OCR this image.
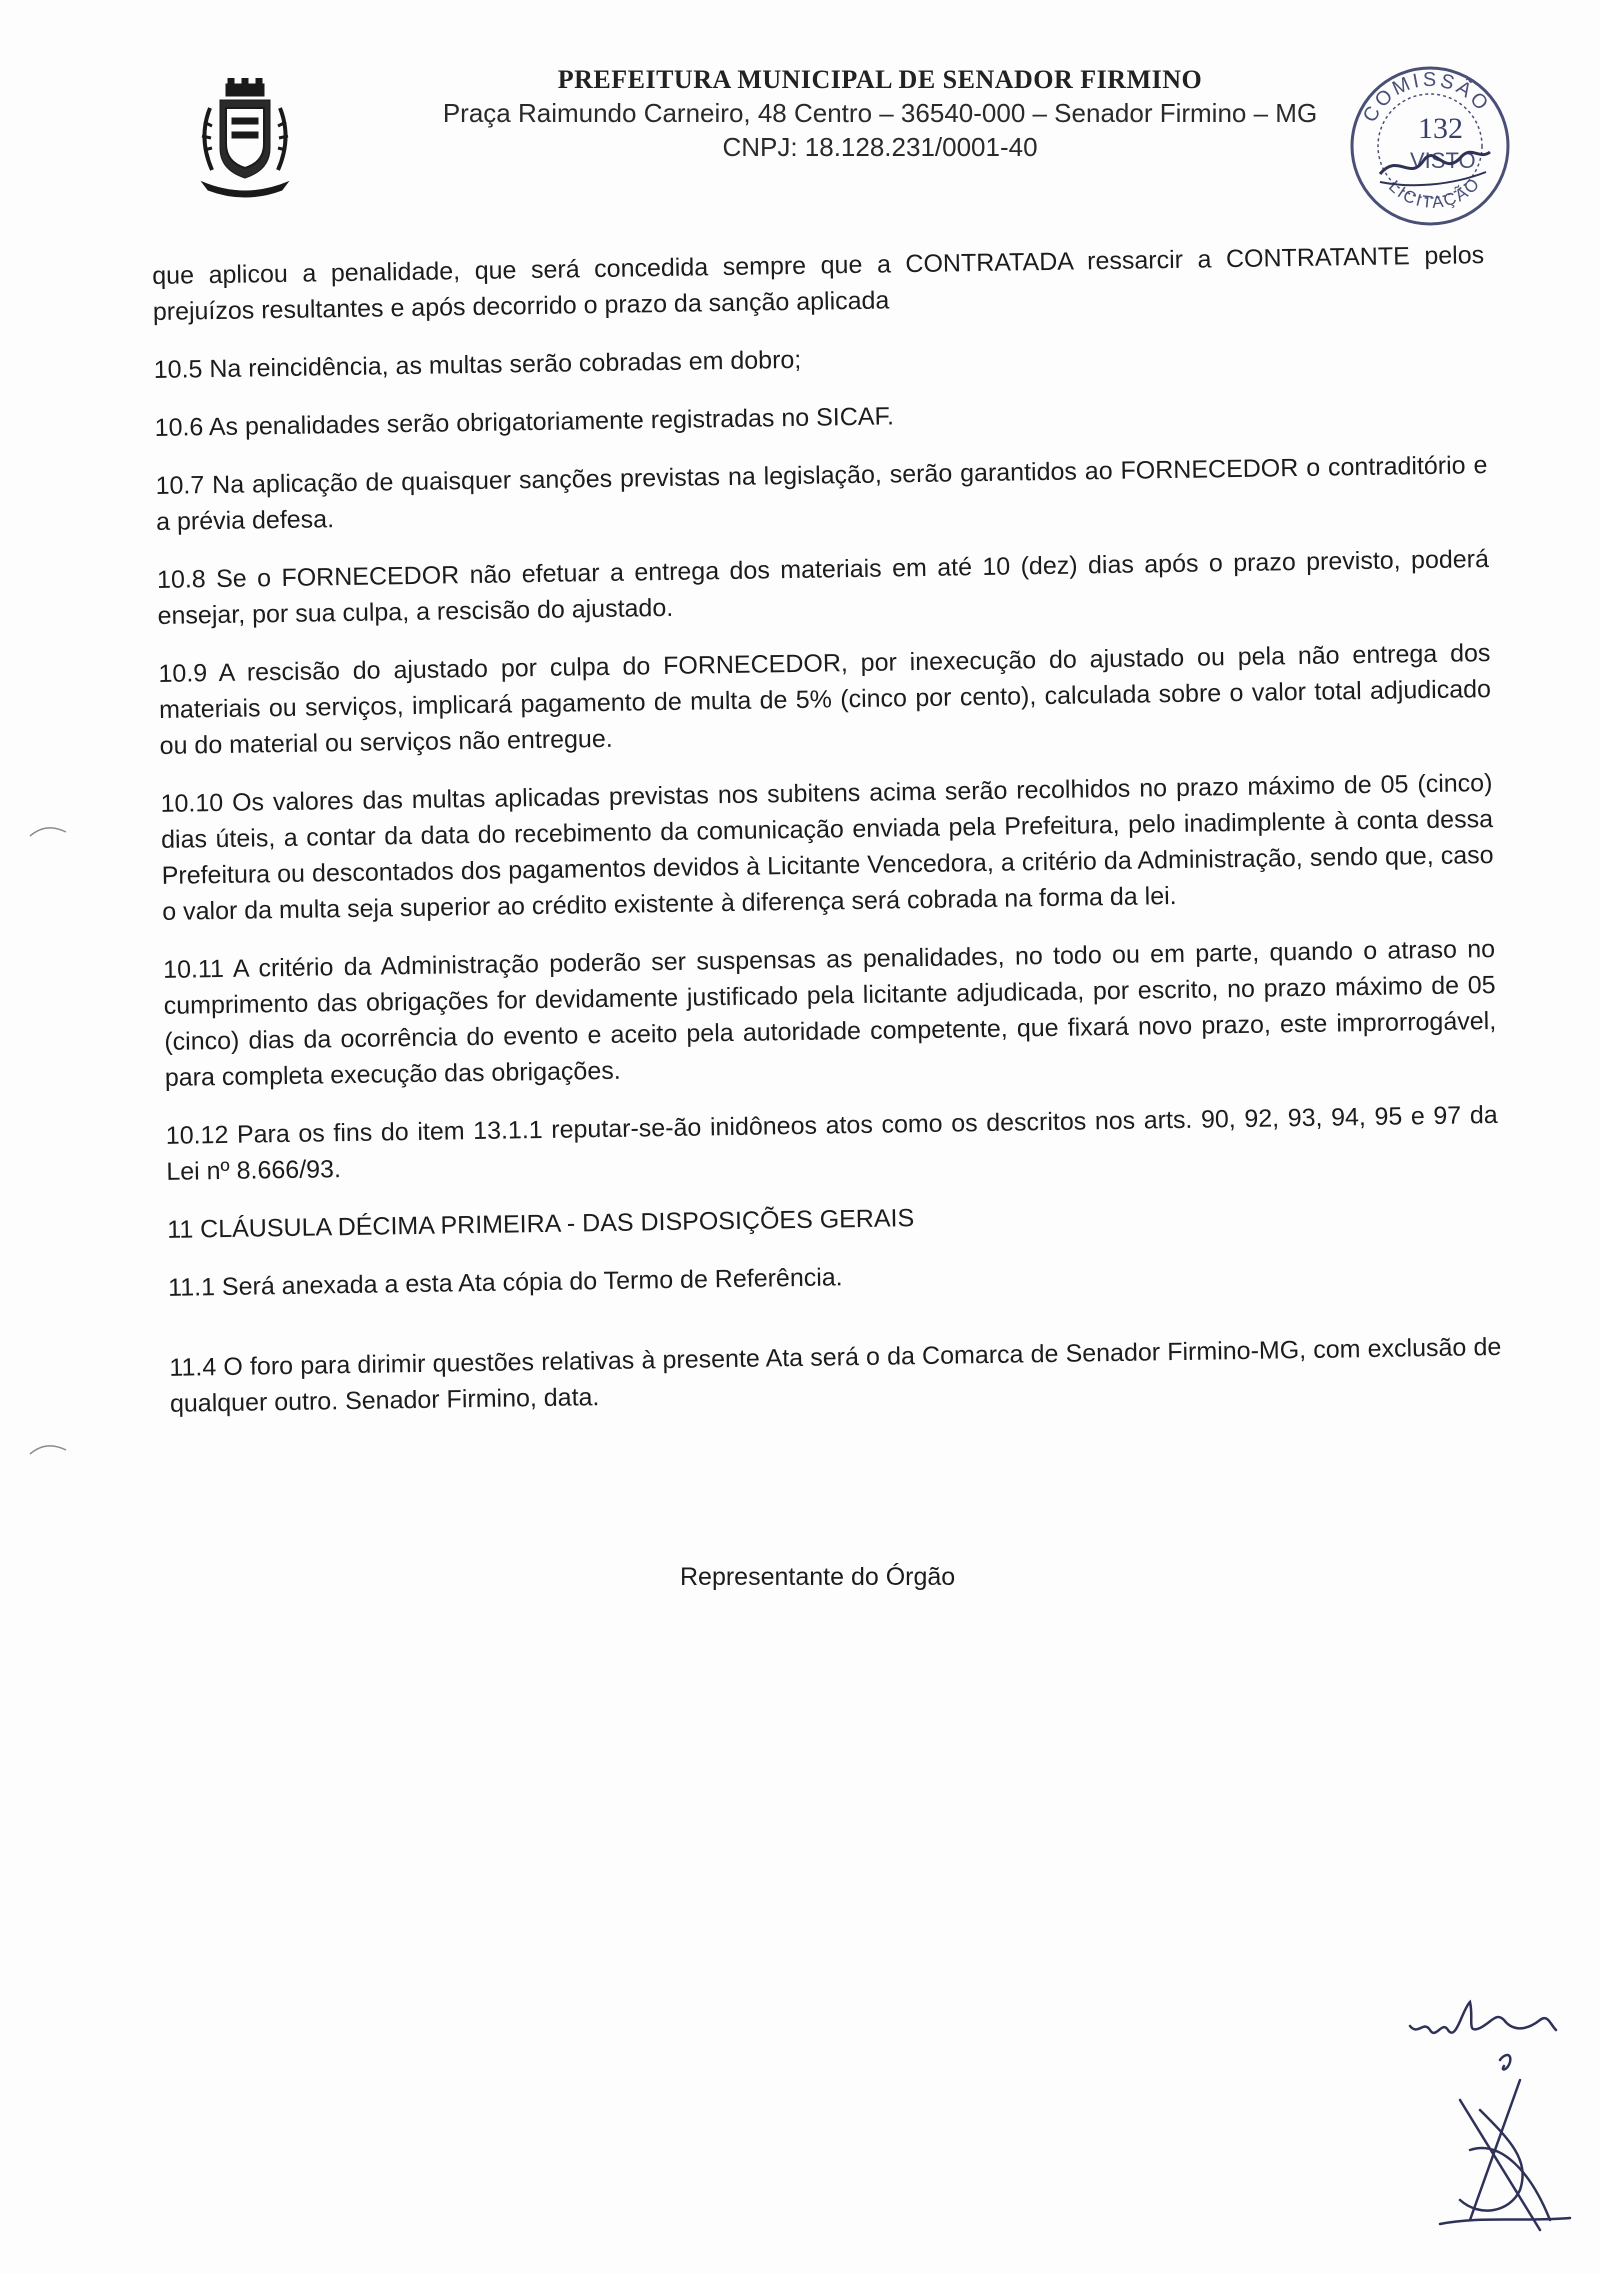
PREFEITURA MUNICIPAL DE SENADOR FIRMINO
Praça Raimundo Carneiro, 48 Centro – 36540-000 – Senador Firmino – MG
CNPJ: 18.128.231/0001-40
COMISSÃO
132
VISTO
LICITAÇÃO

que aplicou a penalidade, que será concedida sempre que a CONTRATADA ressarcir a CONTRATANTE pelos prejuízos resultantes e após decorrido o prazo da sanção aplicada

10.5 Na reincidência, as multas serão cobradas em dobro;

10.6 As penalidades serão obrigatoriamente registradas no SICAF.

10.7 Na aplicação de quaisquer sanções previstas na legislação, serão garantidos ao FORNECEDOR o contraditório e a prévia defesa.

10.8 Se o FORNECEDOR não efetuar a entrega dos materiais em até 10 (dez) dias após o prazo previsto, poderá ensejar, por sua culpa, a rescisão do ajustado.

10.9 A rescisão do ajustado por culpa do FORNECEDOR, por inexecução do ajustado ou pela não entrega dos materiais ou serviços, implicará pagamento de multa de 5% (cinco por cento), calculada sobre o valor total adjudicado ou do material ou serviços não entregue.

10.10 Os valores das multas aplicadas previstas nos subitens acima serão recolhidos no prazo máximo de 05 (cinco) dias úteis, a contar da data do recebimento da comunicação enviada pela Prefeitura, pelo inadimplente à conta dessa Prefeitura ou descontados dos pagamentos devidos à Licitante Vencedora, a critério da Administração, sendo que, caso o valor da multa seja superior ao crédito existente à diferença será cobrada na forma da lei.

10.11 A critério da Administração poderão ser suspensas as penalidades, no todo ou em parte, quando o atraso no cumprimento das obrigações for devidamente justificado pela licitante adjudicada, por escrito, no prazo máximo de 05 (cinco) dias da ocorrência do evento e aceito pela autoridade competente, que fixará novo prazo, este improrrogável, para completa execução das obrigações.

10.12 Para os fins do item 13.1.1 reputar-se-ão inidôneos atos como os descritos nos arts. 90, 92, 93, 94, 95 e 97 da Lei nº 8.666/93.

11 CLÁUSULA DÉCIMA PRIMEIRA - DAS DISPOSIÇÕES GERAIS

11.1 Será anexada a esta Ata cópia do Termo de Referência.

11.4 O foro para dirimir questões relativas à presente Ata será o da Comarca de Senador Firmino-MG, com exclusão de qualquer outro. Senador Firmino, data.

Representante do Órgão
